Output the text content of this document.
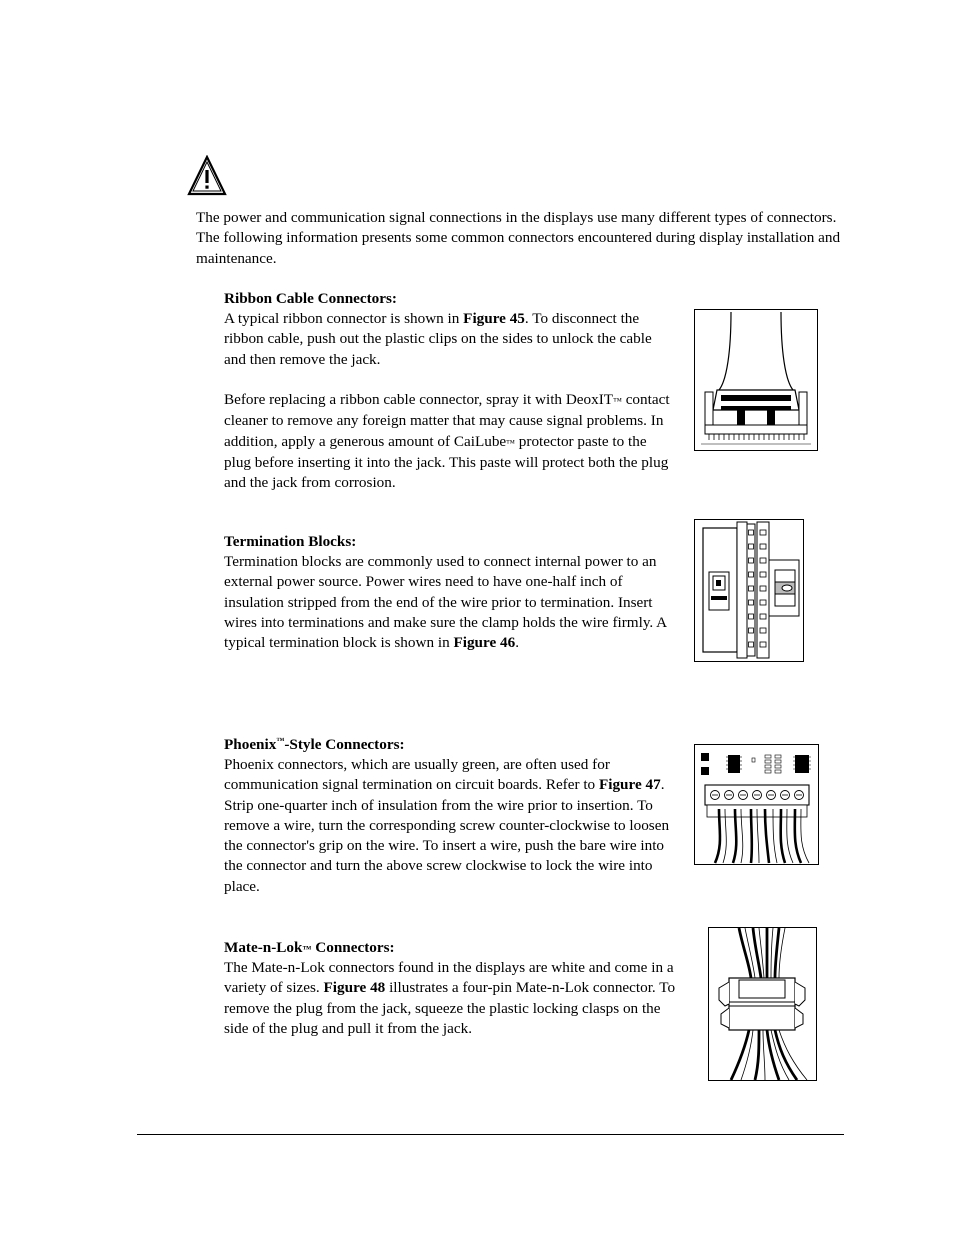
The power and communication signal connections in the displays use many different types of connectors. The following information presents some common connectors encountered during display installation and maintenance.

Ribbon Cable Connectors:

A typical ribbon connector is shown in Figure 45. To disconnect the ribbon cable, push out the plastic clips on the sides to unlock the cable and then remove the jack.

Before replacing a ribbon cable connector, spray it with DeoxIT™ contact cleaner to remove any foreign matter that may cause signal problems. In addition, apply a generous amount of CaiLube™ protector paste to the plug before inserting it into the jack. This paste will protect both the plug and the jack from corrosion.

Termination Blocks:

Termination blocks are commonly used to connect internal power to an external power source. Power wires need to have one-half inch of insulation stripped from the end of the wire prior to termination. Insert wires into terminations and make sure the clamp holds the wire firmly. A typical termination block is shown in Figure 46.

Phoenix™-Style Connectors:

Phoenix connectors, which are usually green, are often used for communication signal termination on circuit boards. Refer to Figure 47. Strip one-quarter inch of insulation from the wire prior to insertion. To remove a wire, turn the corresponding screw counter-clockwise to loosen the connector's grip on the wire. To insert a wire, push the bare wire into the connector and turn the above screw clockwise to lock the wire into place.

Mate-n-Lok™ Connectors:

The Mate-n-Lok connectors found in the displays are white and come in a variety of sizes. Figure 48 illustrates a four-pin Mate-n-Lok connector. To remove the plug from the jack, squeeze the plastic locking clasps on the side of the plug and pull it from the jack.
